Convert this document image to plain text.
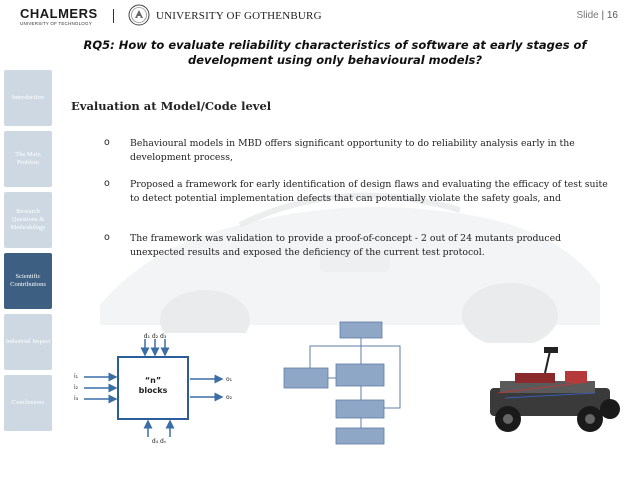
CHALMERS
UNIVERSITY OF TECHNOLOGY
UNIVERSITY OF GOTHENBURG	Slide | 16
RQ5: How to evaluate reliability characteristics of software at early stages of development using only behavioural models?
Introduction
The Main Problem
Research Questions & Methodology
Scientific Contributions
Industrial Impact
Conclusions
Evaluation at Model/Code level
o Behavioural models in MBD offers significant opportunity to do reliability analysis early in the development process,
o Proposed a framework for early identification of design flaws and evaluating the efficacy of test suite to detect potential implementation defects that can potentially violate the safety goals, and
o The framework was validation to provide a proof-of-concept - 2 out of 24 mutants produced unexpected results and exposed the deficiency of the current test protocol.
“n”
blocks
d₁ d₂ d₃
d₄ dᵧ
i₁
i₂
i₃
o₁
o₂
